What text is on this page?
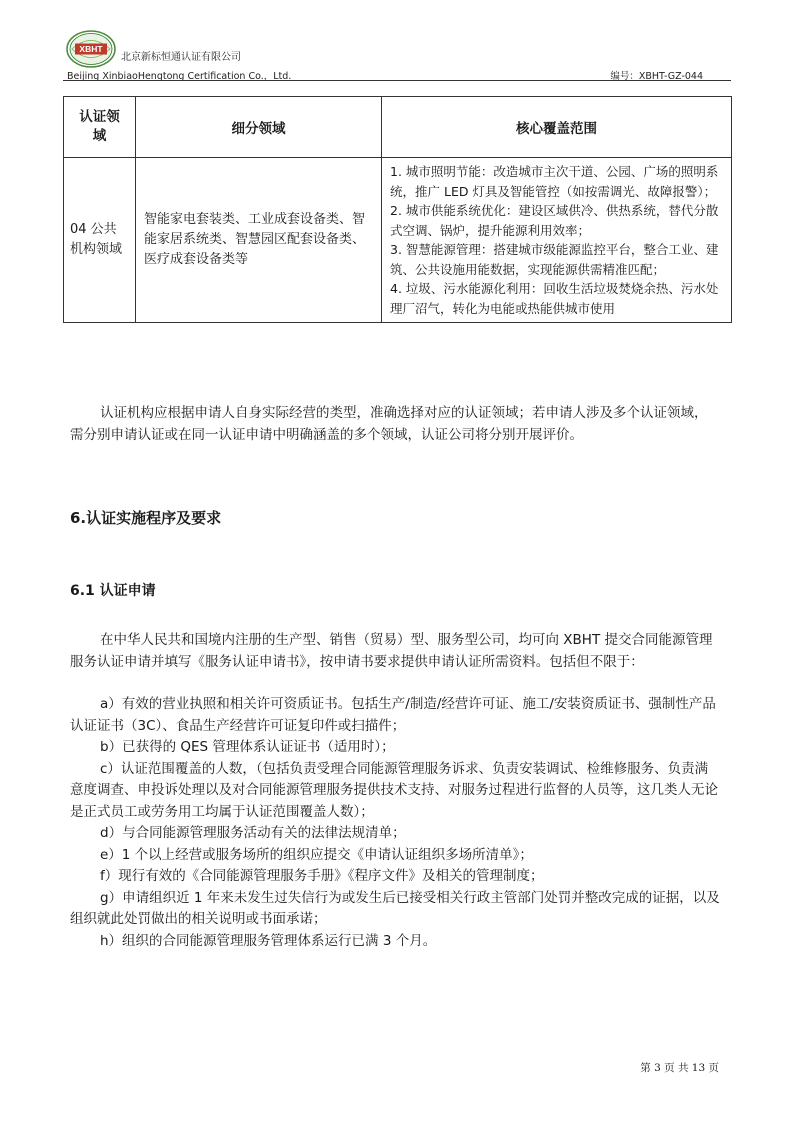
XBHT
北京新标恒通认证有限公司
Beijing XinbiaoHengtong Certification Co.，Ltd.	编号：XBHT-GZ-044
认证领域	细分领域	核心覆盖范围
04 公共机构领域	智能家电套装类、工业成套设备类、智能家居系统类、智慧园区配套设备类、医疗成套设备类等	1. 城市照明节能：改造城市主次干道、公园、广场的照明系统，推广 LED 灯具及智能管控（如按需调光、故障报警）；

2. 城市供能系统优化：建设区域供冷、供热系统，替代分散式空调、锅炉，提升能源利用效率；

3. 智慧能源管理：搭建城市级能源监控平台，整合工业、建筑、公共设施用能数据，实现能源供需精准匹配；

4. 垃圾、污水能源化利用：回收生活垃圾焚烧余热、污水处理厂沼气，转化为电能或热能供城市使用

认证机构应根据申请人自身实际经营的类型，准确选择对应的认证领域；若申请人涉及多个认证领域，需分别申请认证或在同一认证申请中明确涵盖的多个领域，认证公司将分别开展评价。

6.认证实施程序及要求
6.1 认证申请

在中华人民共和国境内注册的生产型、销售（贸易）型、服务型公司，均可向 XBHT 提交合同能源管理服务认证申请并填写《服务认证申请书》，按申请书要求提供申请认证所需资料。包括但不限于：

a）有效的营业执照和相关许可资质证书。包括生产/制造/经营许可证、施工/安装资质证书、强制性产品认证证书（3C）、食品生产经营许可证复印件或扫描件；

b）已获得的 QES 管理体系认证证书（适用时）；

c）认证范围覆盖的人数，（包括负责受理合同能源管理服务诉求、负责安装调试、检维修服务、负责满意度调查、申投诉处理以及对合同能源管理服务提供技术支持、对服务过程进行监督的人员等，这几类人无论是正式员工或劳务用工均属于认证范围覆盖人数）；

d）与合同能源管理服务活动有关的法律法规清单；

e）1 个以上经营或服务场所的组织应提交《申请认证组织多场所清单》；

f）现行有效的《合同能源管理服务手册》《程序文件》及相关的管理制度；

g）申请组织近 1 年来未发生过失信行为或发生后已接受相关行政主管部门处罚并整改完成的证据，以及组织就此处罚做出的相关说明或书面承诺；

h）组织的合同能源管理服务管理体系运行已满 3 个月。

第 3 页 共 13 页
